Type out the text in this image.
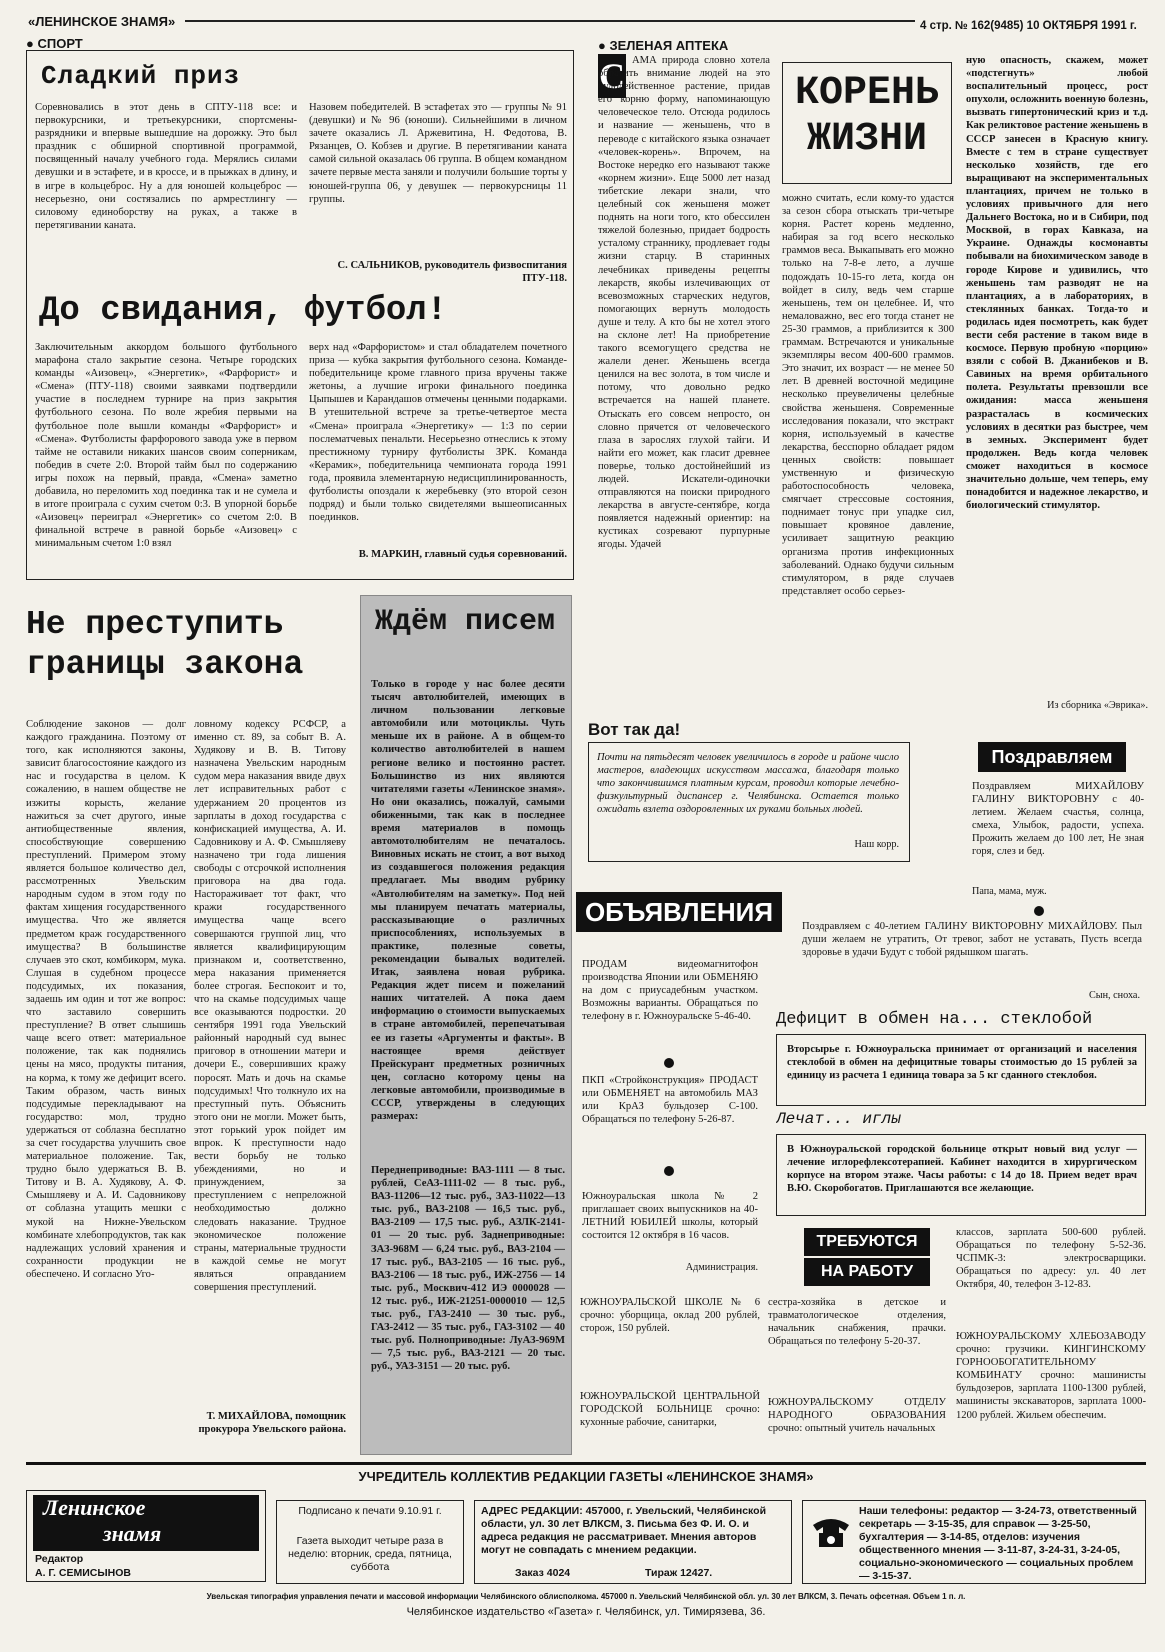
«ЛЕНИНСКОЕ ЗНАМЯ»	4 стр. № 162(9485) 10 ОКТЯБРЯ 1991 г.
● СПОРТ
Сладкий приз

Соревновались в этот день в СПТУ-118 все: и первокурсники, и третьекурсники, спортсмены-разрядники и впервые вышедшие на дорожку. Это был праздник с обширной спортивной программой, посвященный началу учебного года. Мерялись силами девушки и в эстафете, и в кроссе, и в прыжках в длину, и в игре в кольцеброс. Ну а для юношей кольцеброс — несерьезно, они состязались по армрестлингу — силовому единоборству на руках, а также в перетягивании каната.

Назовем победителей. В эстафетах это — группы № 91 (девушки) и № 96 (юноши). Сильнейшими в личном зачете оказались Л. Аржевитина, Н. Федотова, В. Рязанцев, О. Кобзев и другие. В перетягивании каната самой сильной оказалась 06 группа. В общем командном зачете первые места заняли и получили большие торты у юношей-группа 06, у девушек — первокурсницы 11 группы.

С. САЛЬНИКОВ, руководитель физвоспитания ПТУ-118.

До свидания, футбол!

Заключительным аккордом большого футбольного марафона стало закрытие сезона. Четыре городских команды «Аизовец», «Энергетик», «Фарфорист» и «Смена» (ПТУ-118) своими заявками подтвердили участие в последнем турнире на приз закрытия футбольного сезона. По воле жребия первыми на футбольное поле вышли команды «Фарфорист» и «Смена». Футболисты фарфорового завода уже в первом тайме не оставили никаких шансов своим соперникам, победив в счете 2:0. Второй тайм был по содержанию игры похож на первый, правда, «Смена» заметно добавила, но переломить ход поединка так и не сумела и в итоге проиграла с сухим счетом 0:3. В упорной борьбе «Аизовец» переиграл «Энергетик» со счетом 2:0. В финальной встрече в равной борьбе «Аизовец» с минимальным счетом 1:0 взял

верх над «Фарфористом» и стал обладателем почетного приза — кубка закрытия футбольного сезона. Команде-победительнице кроме главного приза вручены также жетоны, а лучшие игроки финального поединка Цыпышев и Карандашов отмечены ценными подарками. В утешительной встрече за третье-четвертое места «Смена» проиграла «Энергетику» — 1:3 по серии послематчевых пенальти. Несерьезно отнеслись к этому престижному турниру футболисты ЗРК. Команда «Керамик», победительница чемпионата города 1991 года, проявила элементарную недисциплинированность, футболисты опоздали к жеребьевку (это второй сезон подряд) и были только свидетелями вышеописанных поединков.

В. МАРКИН, главный судья соревнований.

Не преступить границы закона

Соблюдение законов — долг каждого гражданина. Поэтому от того, как исполняются законы, зависит благосостояние каждого из нас и государства в целом. К сожалению, в нашем обществе не изжиты корысть, желание нажиться за счет другого, иные антиобщественные явления, способствующие совершению преступлений. Примером этому является большое количество дел, рассмотренных Увельским народным судом в этом году по фактам хищения государственного имущества. Что же является предметом краж государственного имущества? В большинстве случаев это скот, комбикорм, мука. Слушая в судебном процессе подсудимых, их показания, задаешь им один и тот же вопрос: что заставило совершить преступление? В ответ слышишь чаще всего ответ: материальное положение, так как поднялись цены на мясо, продукты питания, на корма, к тому же дефицит всего. Таким образом, часть виных подсудимые перекладывают на государство: мол, трудно удержаться от соблазна бесплатно за счет государства улучшить свое материальное положение. Так, трудно было удержаться В. В. Титову и В. А. Худякову, А. Ф. Смышляеву и А. И. Садовникову от соблазна утащить мешки с мукой на Нижне-Увельском комбинате хлебопродуктов, так как надлежащих условий хранения и сохранности продукции не обеспечено. И согласно Уго-

ловному кодексу РСФСР, а именно ст. 89, за событ В. А. Худякову и В. В. Титову назначена Увельским народным судом мера наказания ввиде двух лет исправительных работ с удержанием 20 процентов из зарплаты в доход государства с конфискацией имущества, А. И. Садовникову и А. Ф. Смышляеву назначено три года лишения свободы с отсрочкой исполнения приговора на два года. Настораживает тот факт, что кражи государственного имущества чаще всего совершаются группой лиц, что является квалифицирующим признаком и, соответственно, мера наказания применяется более строгая. Беспокоит и то, что на скамье подсудимых чаще все оказываются подростки. 20 сентября 1991 года Увельский районный народный суд вынес приговор в отношении матери и дочери Е., совершивших кражу поросят. Мать и дочь на скамье подсудимых! Что толкнуло их на преступный путь. Объяснить этого они не могли. Может быть, этот горький урок пойдет им впрок. К преступности надо вести борьбу не только убеждениями, но и принуждением, за преступлением с непреложной необходимостью должно следовать наказание. Трудное экономическое положение страны, материальные трудности в каждой семье не могут являться оправданием совершения преступлений.

Т. МИХАЙЛОВА, помощник прокурора Увельского района.

Ждём писем

Только в городе у нас более десяти тысяч автолюбителей, имеющих в личном пользовании легковые автомобили или мотоциклы. Чуть меньше их в районе. А в общем-то количество автолюбителей в нашем регионе велико и постоянно растет. Большинство из них являются читателями газеты «Ленинское знамя». Но они оказались, пожалуй, самыми обиженными, так как в последнее время материалов в помощь автомотолюбителям не печаталось. Виновных искать не стоит, а вот выход из создавшегося положения редакция предлагает. Мы вводим рубрику «Автолюбителям на заметку». Под ней мы планируем печатать материалы, рассказывающие о различных приспособлениях, используемых в практике, полезные советы, рекомендации бывалых водителей. Итак, заявлена новая рубрика. Редакция ждет писем и пожеланий наших читателей. А пока даем информацию о стоимости выпускаемых в стране автомобилей, перепечатывая ее из газеты «Аргументы и факты». В настоящее время действует Прейскурант предметных розничных цен, согласно которому цены на легковые автомобили, производимые в СССР, утверждены в следующих размерах:

Переднеприводные: ВАЗ-1111 — 8 тыс. рублей, СеАЗ-1111-02 — 8 тыс. руб., ВАЗ-11206—12 тыс. руб., ЗАЗ-11022—13 тыс. руб., ВАЗ-2108 — 16,5 тыс. руб., ВАЗ-2109 — 17,5 тыс. руб., АЗЛК-2141-01 — 20 тыс. руб. Заднеприводные: ЗАЗ-968М — 6,24 тыс. руб., ВАЗ-2104 — 17 тыс. руб., ВАЗ-2105 — 16 тыс. руб., ВАЗ-2106 — 18 тыс. руб., ИЖ-2756 — 14 тыс. руб., Москвич-412 ИЭ 0000028 — 12 тыс. руб., ИЖ-21251-0000010 — 12,5 тыс. руб., ГАЗ-2410 — 30 тыс. руб., ГАЗ-2412 — 35 тыс. руб., ГАЗ-3102 — 40 тыс. руб. Полноприводные: ЛуАЗ-969М — 7,5 тыс. руб., ВАЗ-2121 — 20 тыс. руб., УАЗ-3151 — 20 тыс. руб.

● ЗЕЛЕНАЯ АПТЕКА
С АМА природа словно хотела обратить внимание людей на это чудодейственное растение, придав его корню форму, напоминающую человеческое тело. Отсюда родилось и название — женьшень, что в переводе с китайского языка означает «человек-корень». Впрочем, на Востоке нередко его называют также «корнем жизни». Еще 5000 лет назад тибетские лекари знали, что целебный сок женьшеня может поднять на ноги того, кто обессилен тяжелой болезнью, придает бодрость усталому страннику, продлевает годы жизни старцу. В старинных лечебниках приведены рецепты лекарств, якобы излечивающих от всевозможных старческих недугов, помогающих вернуть молодость душе и телу. А кто бы не хотел этого на склоне лет! На приобретение такого всемогущего средства не жалели денег. Женьшень всегда ценился на вес золота, в том числе и потому, что довольно редко встречается на нашей планете. Отыскать его совсем непросто, он словно прячется от человеческого глаза в зарослях глухой тайги. И найти его может, как гласит древнее поверье, только достойнейший из людей. Искатели-одиночки отправляются на поиски природного лекарства в августе-сентябре, когда появляется надежный ориентир: на кустиках созревают пурпурные ягоды. Удачей

КОРЕНЬ
ЖИЗНИ

можно считать, если кому-то удастся за сезон сбора отыскать три-четыре корня. Растет корень медленно, набирая за год всего несколько граммов веса. Выкапывать его можно только на 7-8-е лето, а лучше подождать 10-15-го лета, когда он войдет в силу, ведь чем старше женьшень, тем он целебнее. И, что немаловажно, вес его тогда станет не 25-30 граммов, а приблизится к 300 граммам. Встречаются и уникальные экземпляры весом 400-600 граммов. Это значит, их возраст — не менее 50 лет. В древней восточной медицине несколько преувеличены целебные свойства женьшеня. Современные исследования показали, что экстракт корня, используемый в качестве лекарства, бесспорно обладает рядом ценных свойств: повышает умственную и физическую работоспособность человека, смягчает стрессовые состояния, поднимает тонус при упадке сил, повышает кровяное давление, усиливает защитную реакцию организма против инфекционных заболеваний. Однако будучи сильным стимулятором, в ряде случаев представляет особо серьез-

ную опасность, скажем, может «подстегнуть» любой воспалительный процесс, рост опухоли, осложнить военную болезнь, вызвать гипертонический криз и т.д. Как реликтовое растение женьшень в СССР занесен в Красную книгу. Вместе с тем в стране существует несколько хозяйств, где его выращивают на экспериментальных плантациях, причем не только в условиях привычного для него Дальнего Востока, но и в Сибири, под Москвой, в горах Кавказа, на Украине. Однажды космонавты побывали на биохимическом заводе в городе Кирове и удивились, что женьшень там разводят не на плантациях, а в лабораториях, в стеклянных банках. Тогда-то и родилась идея посмотреть, как будет вести себя растение в таком виде в космосе. Первую пробную «порцию» взяли с собой В. Джанибеков и В. Савиных на время орбитального полета. Результаты превзошли все ожидания: масса женьшеня разрасталась в космических условиях в десятки раз быстрее, чем в земных. Эксперимент будет продолжен. Ведь когда человек сможет находиться в космосе значительно дольше, чем теперь, ему понадобится и надежное лекарство, и биологический стимулятор.

Из сборника «Эврика».

Вот так да!

Почти на пятьдесят человек увеличилось в городе и районе число мастеров, владеющих искусством массажа, благодаря только что закончившимся платным курсам, проводил которые лечебно-физкультурный диспансер г. Челябинска. Остается только ожидать взлета оздоровленных их руками больных людей.

Наш корр.

Поздравляем

Поздравляем МИХАЙЛОВУ ГАЛИНУ ВИКТОРОВНУ с 40-летием. Желаем счастья, солнца, смеха, Улыбок, радости, успеха. Прожить желаем до 100 лет, Не зная горя, слез и бед.

Папа, мама, муж.

Поздравляем с 40-летием ГАЛИНУ ВИКТОРОВНУ МИХАЙЛОВУ. Пыл души желаем не утратить, От тревог, забот не уставать, Пусть всегда здоровье в удачи Будут с тобой рядышком шагать.

Сын, сноха.

ОБЪЯВЛЕНИЯ
Дефицит в обмен на... стеклобой

Вторсырье г. Южноуральска принимает от организаций и населения стеклобой в обмен на дефицитные товары стоимостью до 15 рублей за единицу из расчета 1 единица товара за 5 кг сданного стеклобоя.

Лечат... иглы

В Южноуральской городской больнице открыт новый вид услуг — лечение иглорефлексотерапией. Кабинет находится в хирургическом корпусе на втором этаже. Часы работы: с 14 до 18. Прием ведет врач В.Ю. Скоробогатов. Приглашаются все желающие.

ПРОДАМ видеомагнитофон производства Японии или ОБМЕНЯЮ на дом с приусадебным участком. Возможны варианты. Обращаться по телефону в г. Южноуральске 5-46-40.

ПКП «Стройконструкция» ПРОДАСТ или ОБМЕНЯЕТ на автомобиль МАЗ или КрАЗ бульдозер С-100. Обращаться по телефону 5-26-87.

Южноуральская школа № 2 приглашает своих выпускников на 40-ЛЕТНИЙ ЮБИЛЕЙ школы, который состоится 12 октября в 16 часов.

Администрация.

ТРЕБУЮТСЯ
НА РАБОТУ

ЮЖНОУРАЛЬСКОЙ ШКОЛЕ № 6 срочно: уборщица, оклад 200 рублей, сторож, 150 рублей.

ЮЖНОУРАЛЬСКОЙ ЦЕНТРАЛЬНОЙ ГОРОДСКОЙ БОЛЬНИЦЕ срочно: кухонные рабочие, санитарки,

сестра-хозяйка в детское и травматологическое отделения, начальник снабжения, прачки. Обращаться по телефону 5-20-37.

ЮЖНОУРАЛЬСКОМУ ОТДЕЛУ НАРОДНОГО ОБРАЗОВАНИЯ срочно: опытный учитель начальных

классов, зарплата 500-600 рублей. Обращаться по телефону 5-52-36. ЧСПМК-3: электросварщики. Обращаться по адресу: ул. 40 лет Октября, 40, телефон 3-12-83.

ЮЖНОУРАЛЬСКОМУ ХЛЕБОЗАВОДУ срочно: грузчики. КИНГИНСКОМУ ГОРНООБОГАТИТЕЛЬНОМУ КОМБИНАТУ срочно: машинисты бульдозеров, зарплата 1100-1300 рублей, машинисты экскаваторов, зарплата 1000-1200 рублей. Жильем обеспечим.

УЧРЕДИТЕЛЬ КОЛЛЕКТИВ РЕДАКЦИИ ГАЗЕТЫ «ЛЕНИНСКОЕ ЗНАМЯ»
Ленинское
знамя
Редактор
А. Г. СЕМИСЫНОВ
Подписано к печати 9.10.91 г.
Газета выходит четыре раза в неделю: вторник, среда, пятница, суббота
АДРЕС РЕДАКЦИИ: 457000, г. Увельский, Челябинской области, ул. 30 лет ВЛКСМ, 3. Письма без Ф. И. О. и адреса редакция не рассматривает. Мнения авторов могут не совпадать с мнением редакции.
Заказ 4024	Тираж 12427.
Наши телефоны: редактор — 3-24-73, ответственный секретарь — 3-15-35, для справок — 3-25-50, бухгалтерия — 3-14-85, отделов: изучения общественного мнения — 3-11-87, 3-24-31, 3-24-05, социально-экономического — социальных проблем — 3-15-37.
Увельская типография управления печати и массовой информации Челябинского облисполкома. 457000 п. Увельский Челябинской обл. ул. 30 лет ВЛКСМ, 3. Печать офсетная. Объем 1 п. л.
Челябинское издательство «Газета» г. Челябинск, ул. Тимирязева, 36.
